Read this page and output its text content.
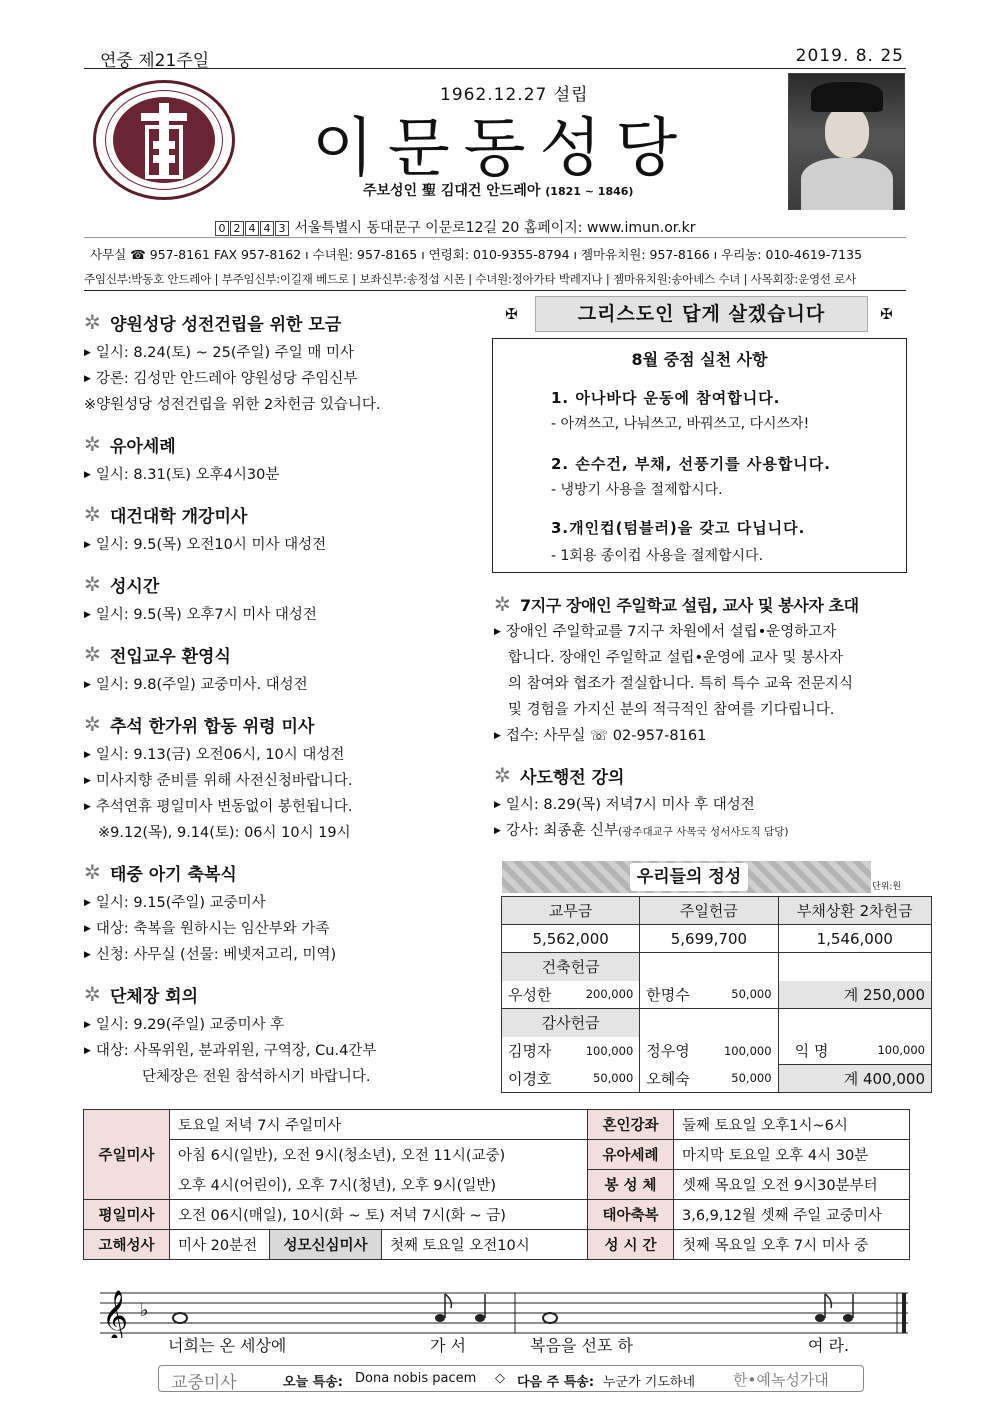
연중 제21주일	2019. 8. 25
1962.12.27 설립
이문동성당
주보성인 聖 김대건 안드레아 (1821 ~ 1846)
0 2 4 4 3 서울특별시 동대문구 이문로12길 20 홈페이지: www.imun.or.kr
사무실 ☎ 957-8161 FAX 957-8162 ı 수녀원: 957-8165 ı 연령회: 010-9355-8794 ı 젬마유치원: 957-8166 ı 우리농: 010-4619-7135
주임신부:박동호 안드레아 | 부주임신부:이길재 베드로 | 보좌신부:송정섭 시몬 | 수녀원:정아가타 박레지나 | 젬마유치원:송아녜스 수녀 | 사목회장:운영선 로사
✲
양원성당 성전건립을 위한 모금
▶ 일시: 8.24(토) ~ 25(주일) 주일 매 미사
▶ 강론: 김성만 안드레아 양원성당 주임신부
※양원성당 성전건립을 위한 2차헌금 있습니다.
✲
유아세례
▶ 일시: 8.31(토) 오후4시30분
✲
대건대학 개강미사
▶ 일시: 9.5(목) 오전10시 미사 대성전
✲
성시간
▶ 일시: 9.5(목) 오후7시 미사 대성전
✲
전입교우 환영식
▶ 일시: 9.8(주일) 교중미사. 대성전
✲
추석 한가위 합동 위령 미사
▶ 일시: 9.13(금) 오전06시, 10시 대성전
▶ 미사지향 준비를 위해 사전신청바랍니다.
▶ 추석연휴 평일미사 변동없이 봉헌됩니다.
※9.12(목), 9.14(토): 06시 10시 19시
✲
태중 아기 축복식
▶ 일시: 9.15(주일) 교중미사
▶ 대상: 축복을 원하시는 임산부와 가족
▶ 신청: 사무실 (선물: 베넷저고리, 미역)
✲
단체장 회의
▶ 일시: 9.29(주일) 교중미사 후
▶ 대상: 사목위원, 분과위원, 구역장, Cu.4간부
단체장은 전원 참석하시기 바랍니다.
✠	그리스도인 답게 살겠습니다	✠
8월 중점 실천 사항
1. 아나바다 운동에 참여합니다.
- 아껴쓰고, 나눠쓰고, 바꿔쓰고, 다시쓰자!
2. 손수건, 부채, 선풍기를 사용합니다.
- 냉방기 사용을 절제합시다.
3.개인컵(텀블러)을 갖고 다닙니다.
- 1회용 종이컵 사용을 절제합시다.
✲
7지구 장애인 주일학교 설립, 교사 및 봉사자 초대
▶ 장애인 주일학교를 7지구 차원에서 설립•운영하고자
합니다. 장애인 주일학교 설립•운영에 교사 및 봉사자
의 참여와 협조가 절실합니다. 특히 특수 교육 전문지식
및 경험을 가지신 분의 적극적인 참여를 기다립니다.
▶ 접수: 사무실 ☏ 02-957-8161
✲
사도행전 강의
▶ 일시: 8.29(목) 저녁7시 미사 후 대성전
▶ 강사: 최종훈 신부(광주대교구 사목국 성서사도직 담당)
우리들의 정성	단위:원
교무금		주일헌금		부채상환 2차헌금	
5,562,000		5,699,700		1,546,000	
건축헌금					
우성한	200,000	한명수	50,000	계 250,000	
감사헌금					
김명자	100,000	정우영	100,000	익 명	100,000
이경호	50,000	오혜숙	50,000	계 400,000	
주일미사	토요일 저녁 7시 주일미사			혼인강좌	둘째 토요일 오후1시~6시
	아침 6시(일반), 오전 9시(청소년), 오전 11시(교중)			유아세례	마지막 토요일 오후 4시 30분
	오후 4시(어린이), 오후 7시(청년), 오후 9시(일반)			봉 성 체	셋째 목요일 오전 9시30분부터
평일미사	오전 06시(매일), 10시(화 ~ 토) 저녁 7시(화 ~ 금)			태아축복	3,6,9,12월 셋째 주일 교중미사
고해성사	미사 20분전	성모신심미사	첫째 토요일 오전10시	성 시 간	첫째 목요일 오후 7시 미사 중
𝄞 ♭
너희는 온 세상에	가 서	복음을 선포 하	여 라.
교중미사	오늘 특송: Dona nobis pacem ◇ 다음 주 특송: 누군가 기도하네	한•예녹성가대
